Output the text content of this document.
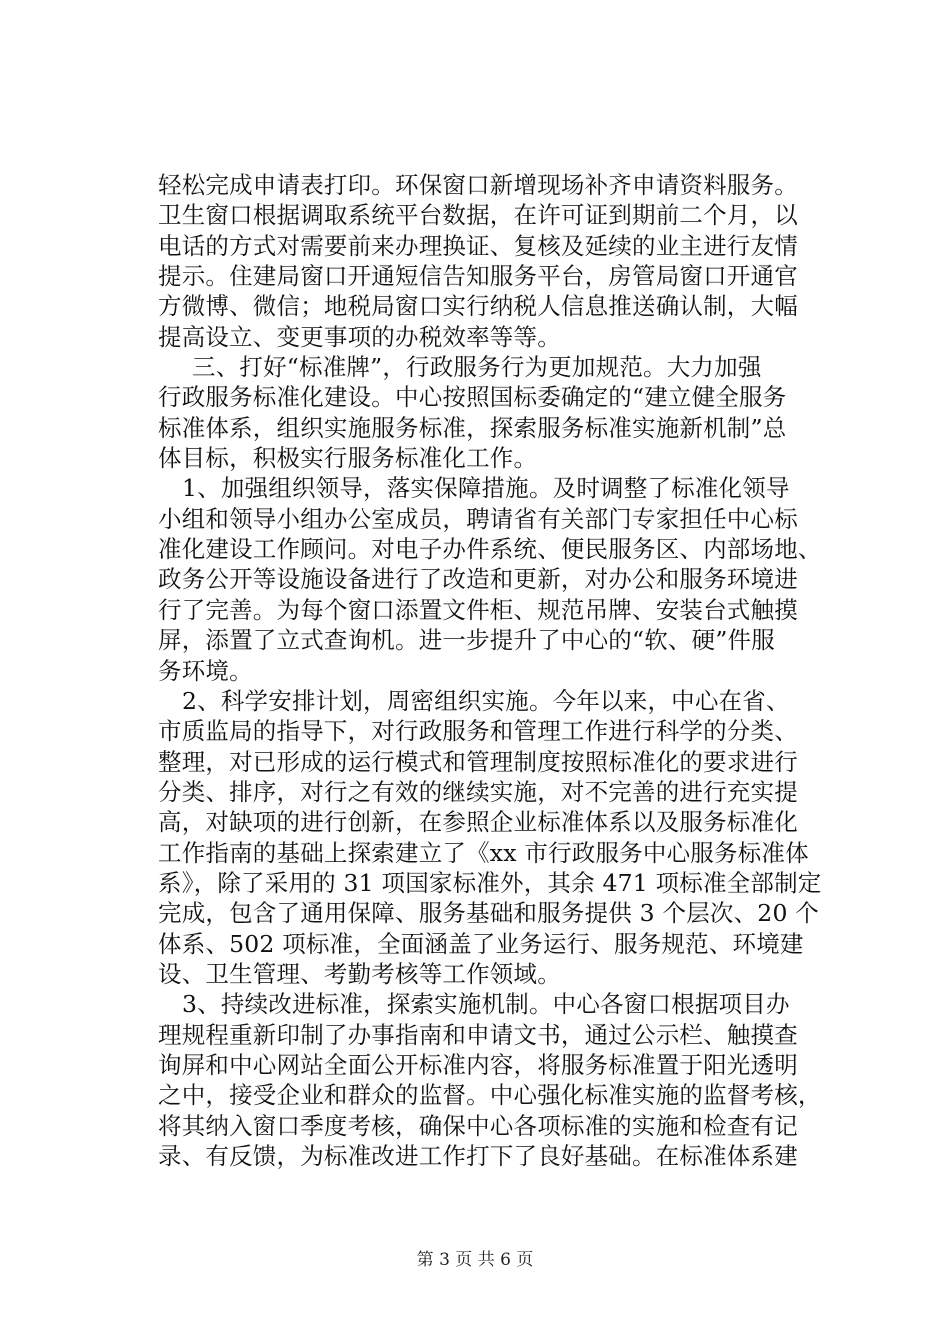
轻松完成申请表打印。环保窗口新增现场补齐申请资料服务。
卫生窗口根据调取系统平台数据，在许可证到期前二个月，以
电话的方式对需要前来办理换证、复核及延续的业主进行友情
提示。住建局窗口开通短信告知服务平台，房管局窗口开通官
方微博、微信；地税局窗口实行纳税人信息推送确认制，大幅
提高设立、变更事项的办税效率等等。
三、打好“标准牌”，行政服务行为更加规范。大力加强
行政服务标准化建设。中心按照国标委确定的“建立健全服务
标准体系，组织实施服务标准，探索服务标准实施新机制”总
体目标，积极实行服务标准化工作。
1、加强组织领导，落实保障措施。及时调整了标准化领导
小组和领导小组办公室成员，聘请省有关部门专家担任中心标
准化建设工作顾问。对电子办件系统、便民服务区、内部场地、
政务公开等设施设备进行了改造和更新，对办公和服务环境进
行了完善。为每个窗口添置文件柜、规范吊牌、安装台式触摸
屏，添置了立式查询机。进一步提升了中心的“软、硬”件服
务环境。
2、科学安排计划，周密组织实施。今年以来，中心在省、
市质监局的指导下，对行政服务和管理工作进行科学的分类、
整理，对已形成的运行模式和管理制度按照标准化的要求进行
分类、排序，对行之有效的继续实施，对不完善的进行充实提
高，对缺项的进行创新，在参照企业标准体系以及服务标准化
工作指南的基础上探索建立了《xx 市行政服务中心服务标准体
系》，除了采用的 31 项国家标准外，其余 471 项标准全部制定
完成，包含了通用保障、服务基础和服务提供 3 个层次、20 个
体系、502 项标准，全面涵盖了业务运行、服务规范、环境建
设、卫生管理、考勤考核等工作领域。
3、持续改进标准，探索实施机制。中心各窗口根据项目办
理规程重新印制了办事指南和申请文书，通过公示栏、触摸查
询屏和中心网站全面公开标准内容，将服务标准置于阳光透明
之中，接受企业和群众的监督。中心强化标准实施的监督考核，
将其纳入窗口季度考核，确保中心各项标准的实施和检查有记
录、有反馈，为标准改进工作打下了良好基础。在标准体系建
第 3 页 共 6 页
